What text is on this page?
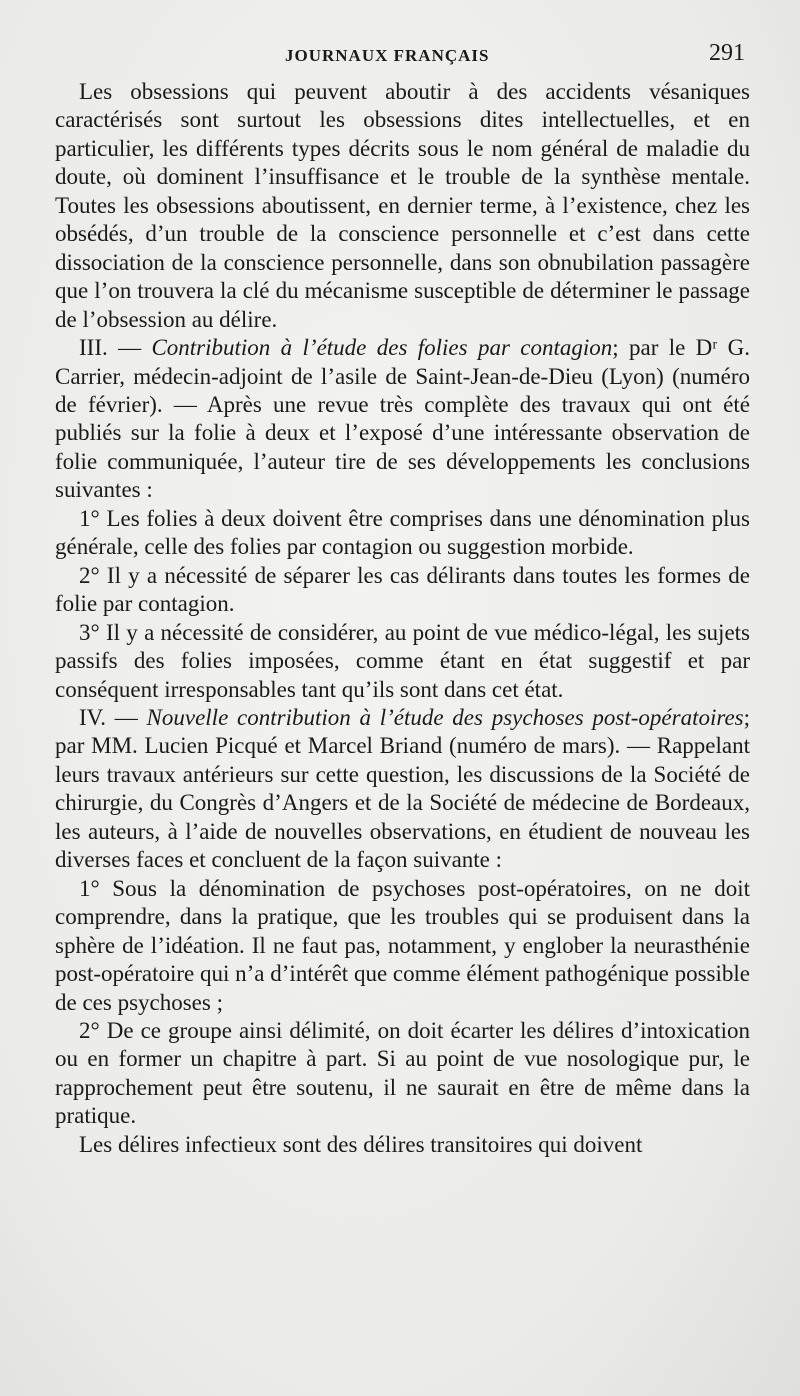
JOURNAUX FRANÇAIS	291

Les obsessions qui peuvent aboutir à des accidents vésaniques caractérisés sont surtout les obsessions dites intellectuelles, et en particulier, les différents types décrits sous le nom général de maladie du doute, où dominent l’insuffisance et le trouble de la synthèse mentale. Toutes les obsessions aboutissent, en dernier terme, à l’existence, chez les obsédés, d’un trouble de la conscience personnelle et c’est dans cette dissociation de la conscience personnelle, dans son obnubilation passagère que l’on trouvera la clé du mécanisme susceptible de déterminer le passage de l’obsession au délire.

III. — Contribution à l’étude des folies par contagion; par le Dʳ G. Carrier, médecin-adjoint de l’asile de Saint-Jean-de-Dieu (Lyon) (numéro de février). — Après une revue très complète des travaux qui ont été publiés sur la folie à deux et l’exposé d’une intéressante observation de folie communiquée, l’auteur tire de ses développements les conclusions suivantes :

1° Les folies à deux doivent être comprises dans une dénomination plus générale, celle des folies par contagion ou suggestion morbide.

2° Il y a nécessité de séparer les cas délirants dans toutes les formes de folie par contagion.

3° Il y a nécessité de considérer, au point de vue médico-légal, les sujets passifs des folies imposées, comme étant en état suggestif et par conséquent irresponsables tant qu’ils sont dans cet état.

IV. — Nouvelle contribution à l’étude des psychoses post-opératoires; par MM. Lucien Picqué et Marcel Briand (numéro de mars). — Rappelant leurs travaux antérieurs sur cette question, les discussions de la Société de chirurgie, du Congrès d’Angers et de la Société de médecine de Bordeaux, les auteurs, à l’aide de nouvelles observations, en étudient de nouveau les diverses faces et concluent de la façon suivante :

1° Sous la dénomination de psychoses post-opératoires, on ne doit comprendre, dans la pratique, que les troubles qui se produisent dans la sphère de l’idéation. Il ne faut pas, notamment, y englober la neurasthénie post-opératoire qui n’a d’intérêt que comme élément pathogénique possible de ces psychoses ;

2° De ce groupe ainsi délimité, on doit écarter les délires d’intoxication ou en former un chapitre à part. Si au point de vue nosologique pur, le rapprochement peut être soutenu, il ne saurait en être de même dans la pratique.

Les délires infectieux sont des délires transitoires qui doivent
